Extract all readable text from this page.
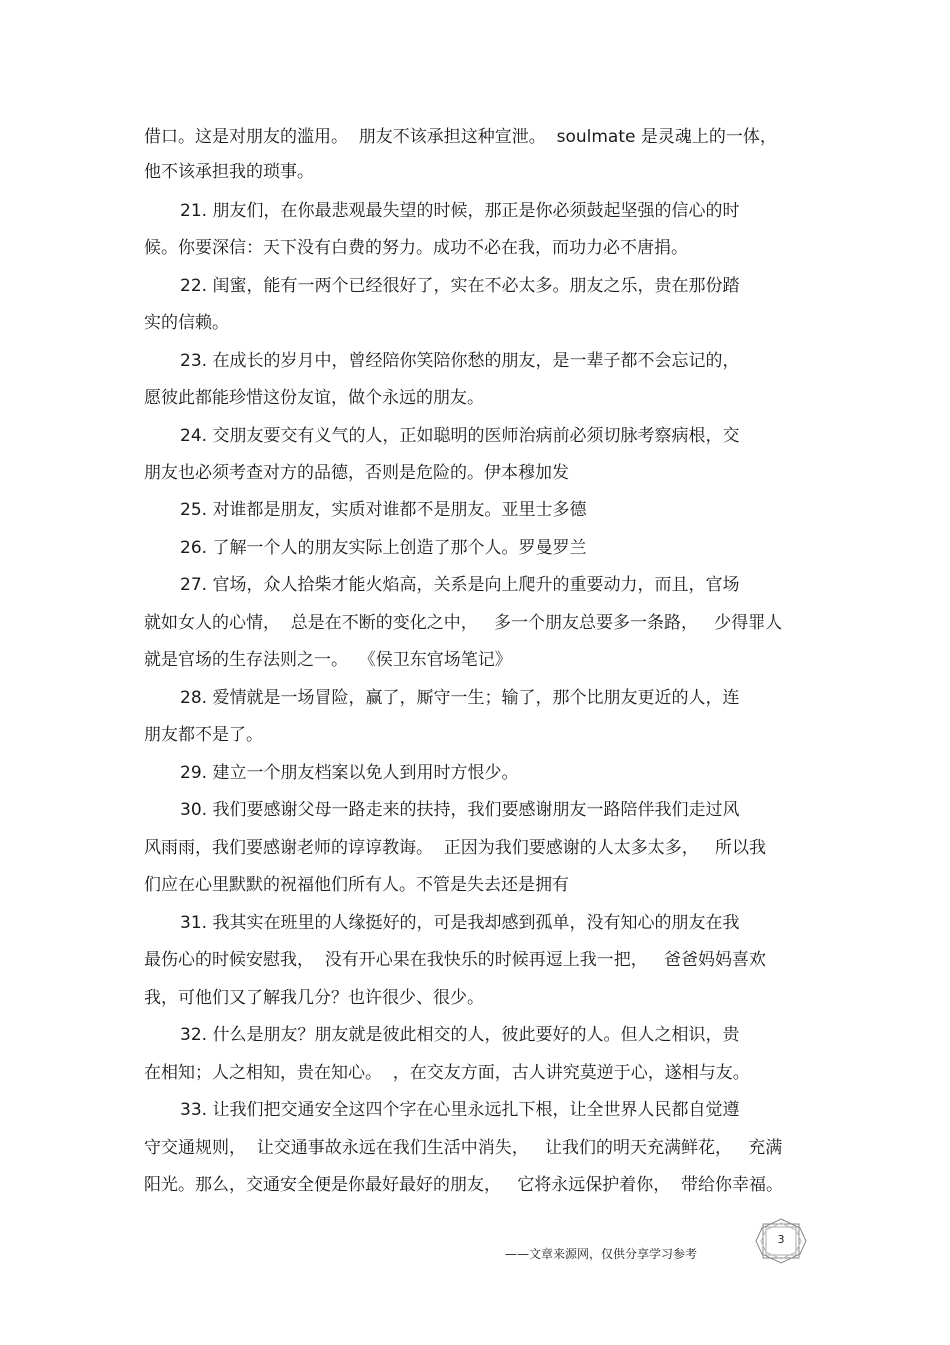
借口。这是对朋友的滥用。  朋友不该承担这种宣泄。  soulmate 是灵魂上的一体，
他不该承担我的琐事。
21. 朋友们，在你最悲观最失望的时候，那正是你必须鼓起坚强的信心的时
候。你要深信：天下没有白费的努力。成功不必在我，而功力必不唐捐。
22. 闺蜜，能有一两个已经很好了，实在不必太多。朋友之乐，贵在那份踏
实的信赖。
23. 在成长的岁月中，曾经陪你笑陪你愁的朋友，是一辈子都不会忘记的，
愿彼此都能珍惜这份友谊，做个永远的朋友。
24. 交朋友要交有义气的人，正如聪明的医师治病前必须切脉考察病根，交
朋友也必须考查对方的品德，否则是危险的。伊本穆加发
25. 对谁都是朋友，实质对谁都不是朋友。亚里士多德
26. 了解一个人的朋友实际上创造了那个人。罗曼罗兰
27. 官场，众人拾柴才能火焰高，关系是向上爬升的重要动力，而且，官场
就如女人的心情，  总是在不断的变化之中，   多一个朋友总要多一条路，   少得罪人
就是官场的生存法则之一。  《侯卫东官场笔记》
28. 爱情就是一场冒险，赢了，厮守一生；输了，那个比朋友更近的人，连
朋友都不是了。
29. 建立一个朋友档案以免人到用时方恨少。
30. 我们要感谢父母一路走来的扶持，我们要感谢朋友一路陪伴我们走过风
风雨雨，我们要感谢老师的谆谆教诲。  正因为我们要感谢的人太多太多，   所以我
们应在心里默默的祝福他们所有人。不管是失去还是拥有
31. 我其实在班里的人缘挺好的，可是我却感到孤单，没有知心的朋友在我
最伤心的时候安慰我，  没有开心果在我快乐的时候再逗上我一把，   爸爸妈妈喜欢
我，可他们又了解我几分？也许很少、很少。
32. 什么是朋友？朋友就是彼此相交的人，彼此要好的人。但人之相识，贵
在相知；人之相知，贵在知心。  ，在交友方面，古人讲究莫逆于心，遂相与友。
33. 让我们把交通安全这四个字在心里永远扎下根，让全世界人民都自觉遵
守交通规则，  让交通事故永远在我们生活中消失，   让我们的明天充满鲜花，   充满
阳光。那么，交通安全便是你最好最好的朋友，   它将永远保护着你，  带给你幸福。
3
——文章来源网，仅供分享学习参考
